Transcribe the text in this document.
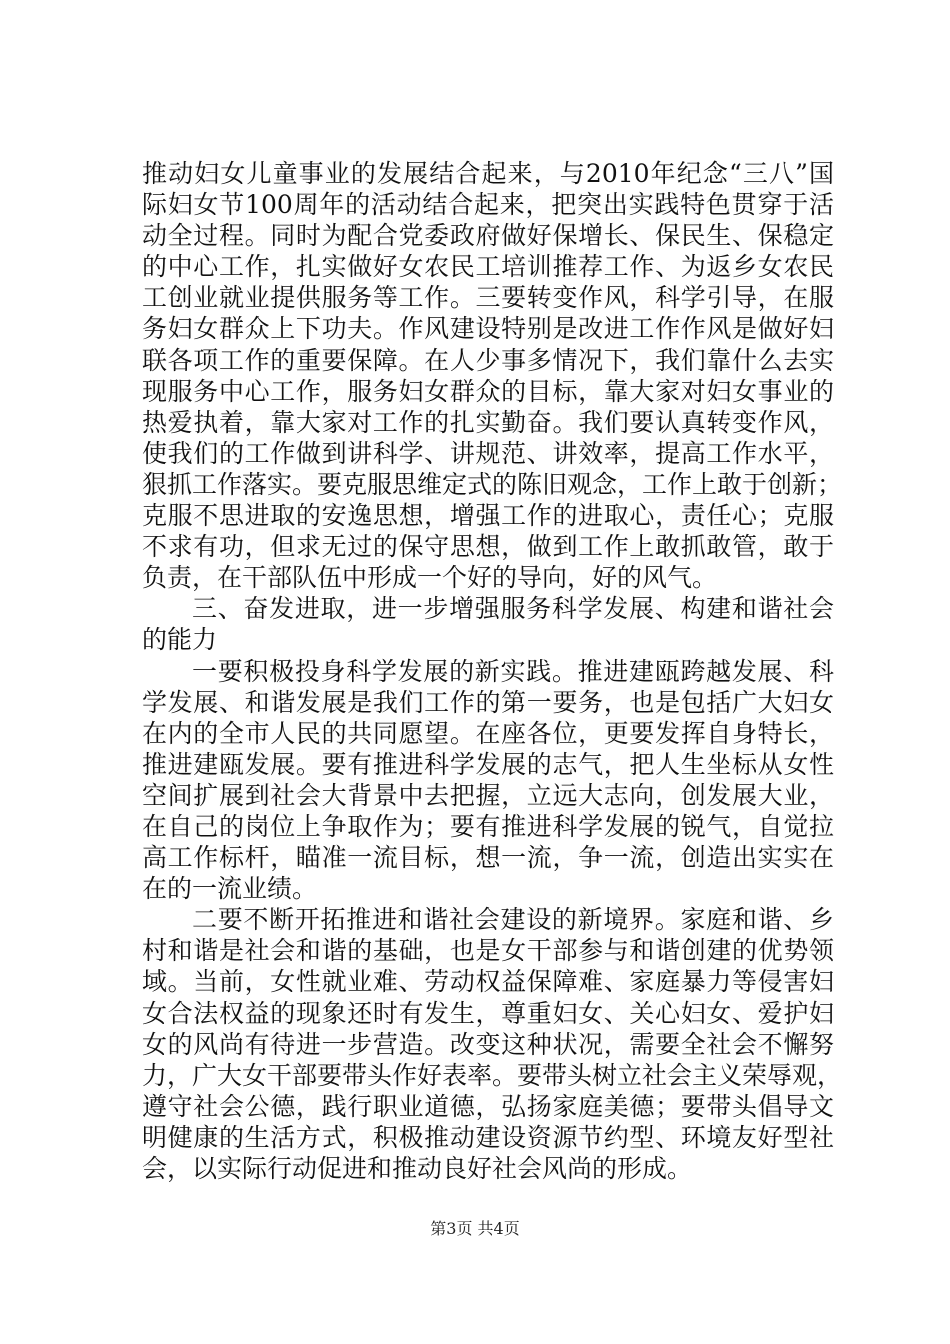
推动妇女儿童事业的发展结合起来，与2010年纪念“三八”国
际妇女节100周年的活动结合起来，把突出实践特色贯穿于活
动全过程。同时为配合党委政府做好保增长、保民生、保稳定
的中心工作，扎实做好女农民工培训推荐工作、为返乡女农民
工创业就业提供服务等工作。三要转变作风，科学引导，在服
务妇女群众上下功夫。作风建设特别是改进工作作风是做好妇
联各项工作的重要保障。在人少事多情况下，我们靠什么去实
现服务中心工作，服务妇女群众的目标，靠大家对妇女事业的
热爱执着，靠大家对工作的扎实勤奋。我们要认真转变作风，
使我们的工作做到讲科学、讲规范、讲效率，提高工作水平，
狠抓工作落实。要克服思维定式的陈旧观念，工作上敢于创新；
克服不思进取的安逸思想，增强工作的进取心，责任心；克服
不求有功，但求无过的保守思想，做到工作上敢抓敢管，敢于
负责，在干部队伍中形成一个好的导向，好的风气。
三、奋发进取，进一步增强服务科学发展、构建和谐社会
的能力
一要积极投身科学发展的新实践。推进建瓯跨越发展、科
学发展、和谐发展是我们工作的第一要务，也是包括广大妇女
在内的全市人民的共同愿望。在座各位，更要发挥自身特长，
推进建瓯发展。要有推进科学发展的志气，把人生坐标从女性
空间扩展到社会大背景中去把握，立远大志向，创发展大业，
在自己的岗位上争取作为；要有推进科学发展的锐气，自觉拉
高工作标杆，瞄准一流目标，想一流，争一流，创造出实实在
在的一流业绩。
二要不断开拓推进和谐社会建设的新境界。家庭和谐、乡
村和谐是社会和谐的基础，也是女干部参与和谐创建的优势领
域。当前，女性就业难、劳动权益保障难、家庭暴力等侵害妇
女合法权益的现象还时有发生，尊重妇女、关心妇女、爱护妇
女的风尚有待进一步营造。改变这种状况，需要全社会不懈努
力，广大女干部要带头作好表率。要带头树立社会主义荣辱观，
遵守社会公德，践行职业道德，弘扬家庭美德；要带头倡导文
明健康的生活方式，积极推动建设资源节约型、环境友好型社
会，以实际行动促进和推动良好社会风尚的形成。
第3页 共4页
